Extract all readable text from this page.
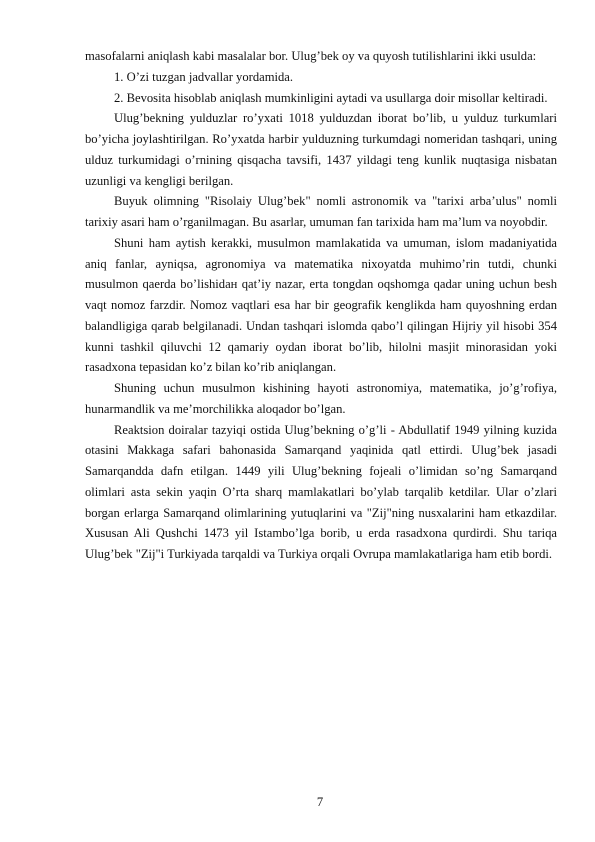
masofalarni aniqlash kabi masalalar bor. Ulug’bek oy va quyosh tutilishlarini ikki usulda:

1. O’zi tuzgan jadvallar yordamida.

2. Bevosita hisoblab aniqlash mumkinligini aytadi va usullarga doir misollar keltiradi.

Ulug’bekning yulduzlar ro’yxati 1018 yulduzdan iborat bo’lib, u yulduz turkumlari bo’yicha joylashtirilgan. Ro’yxatda harbir yulduzning turkumdagi nomeridan tashqari, uning ulduz turkumidagi o’rnining qisqacha tavsifi, 1437 yildagi teng kunlik nuqtasiga nisbatan uzunligi va kengligi berilgan.

Buyuk olimning "Risolaiy Ulug’bek" nomli astronomik va "tarixi arba’ulus" nomli tarixiy asari ham o’rganilmagan. Bu asarlar, umuman fan tarixida ham ma’lum va noyobdir.

Shuni ham aytish kerakki, musulmon mamlakatida va umuman, islom madaniyatida aniq fanlar, ayniqsa, agronomiya va matematika nixoyatda muhimo’rin tutdi, chunki musulmon qaerda bo’lishidaн qat’iy nazar, erta tongdan oqshomga qadar uning uchun besh vaqt nomoz farzdir. Nomoz vaqtlari esa har bir geografik kenglikda ham quyoshning erdan balandligiga qarab belgilanadi. Undan tashqari islomda qabo’l qilingan Hijriy yil hisobi 354 kunni tashkil qiluvchi 12 qamariy oydan iborat bo’lib, hilolni masjit minorasidan yoki rasadxona tepasidan ko’z bilan ko’rib aniqlangan.

Shuning uchun musulmon kishining hayoti astronomiya, matematika, jo’g’rofiya, hunarmandlik va me’morchilikka aloqador bo’lgan.

Reaktsion doiralar tazyiqi ostida Ulug’bekning o’g’li - Abdullatif 1949 yilning kuzida otasini Makkaga safari bahonasida Samarqand yaqinida qatl ettirdi. Ulug’bek jasadi Samarqandda dafn etilgan. 1449 yili Ulug’bekning fojeali o’limidan so’ng Samarqand olimlari asta sekin yaqin O’rta sharq mamlakatlari bo’ylab tarqalib ketdilar. Ular o’zlari borgan erlarga Samarqand olimlarining yutuqlarini va "Zij"ning nusxalarini ham etkazdilar. Xususan Ali Qushchi 1473 yil Istambo’lga borib, u erda rasadxona qurdirdi. Shu tariqa Ulug’bek "Zij"i Turkiyada tarqaldi va Turkiya orqali Ovrupa mamlakatlariga ham etib bordi.

7
